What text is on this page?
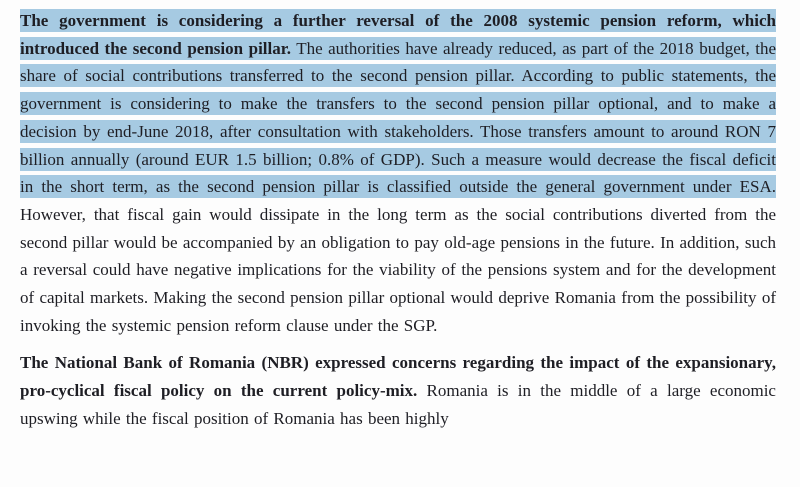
The government is considering a further reversal of the 2008 systemic pension reform, which introduced the second pension pillar. The authorities have already reduced, as part of the 2018 budget, the share of social contributions transferred to the second pension pillar. According to public statements, the government is considering to make the transfers to the second pension pillar optional, and to make a decision by end-June 2018, after consultation with stakeholders. Those transfers amount to around RON 7 billion annually (around EUR 1.5 billion; 0.8% of GDP). Such a measure would decrease the fiscal deficit in the short term, as the second pension pillar is classified outside the general government under ESA. However, that fiscal gain would dissipate in the long term as the social contributions diverted from the second pillar would be accompanied by an obligation to pay old-age pensions in the future. In addition, such a reversal could have negative implications for the viability of the pensions system and for the development of capital markets. Making the second pension pillar optional would deprive Romania from the possibility of invoking the systemic pension reform clause under the SGP.

The National Bank of Romania (NBR) expressed concerns regarding the impact of the expansionary, pro-cyclical fiscal policy on the current policy-mix. Romania is in the middle of a large economic upswing while the fiscal position of Romania has been highly
